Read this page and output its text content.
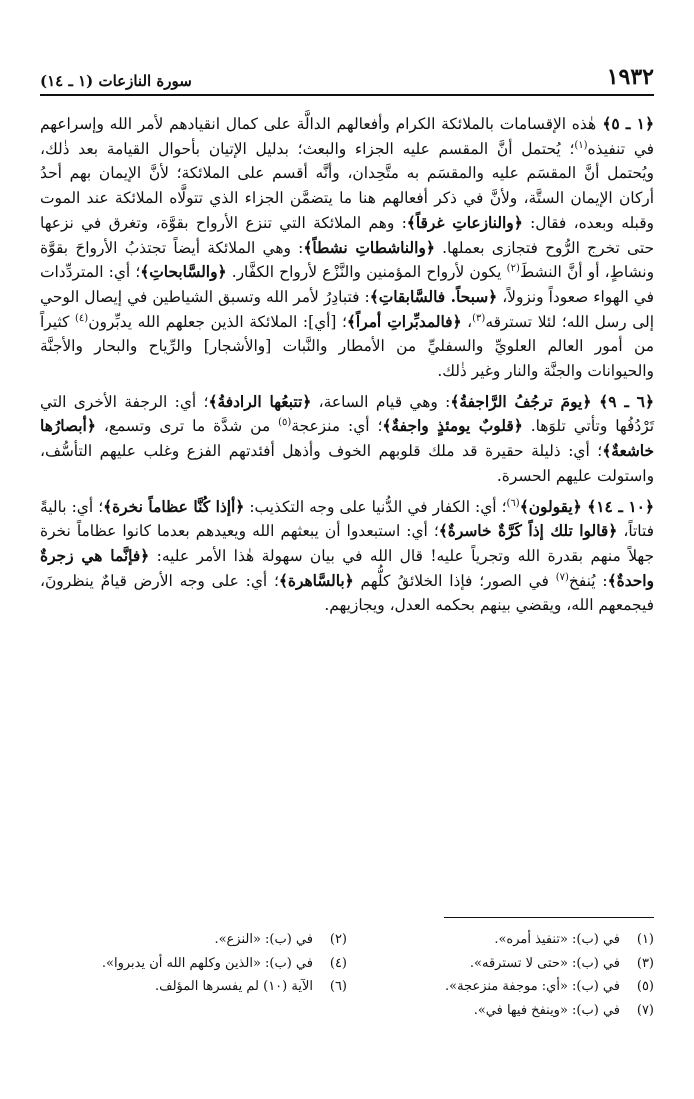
١٩٣٢
سورة النازعات (١ ـ ١٤)

﴿١ ـ ٥﴾ هٰذه الإقسامات بالملائكة الكرام وأفعالهم الدالَّة على كمال انقيادهم لأمر الله وإسراعهم في تنفيذه$^{(١)}$؛ يُحتمل أنَّ المقسم عليه الجزاء والبعث؛ بدليل الإتيان بأحوال القيامة بعد ذٰلك، ويُحتمل أنَّ المقسَم عليه والمقسَم به متَّحِدان، وأنَّه أقسم على الملائكة؛ لأنَّ الإيمان بهم أحدُ أركان الإيمان الستَّة، ولأنَّ في ذكر أفعالهم هنا ما يتضمَّن الجزاء الذي تتولَّاه الملائكة عند الموت وقبله وبعده، فقال: ﴿والنازعاتِ غرقاً﴾: وهم الملائكة التي تنزع الأرواح بقوَّة، وتغرق في نزعها حتى تخرج الرُّوح فتجازى بعملها. ﴿والناشطاتِ نشطاً﴾: وهي الملائكة أيضاً تجتذبُ الأرواحَ بقوَّة ونشاطٍ، أو أنَّ النشطَ$^{(٢)}$ يكون لأرواح المؤمنين والنَّزْع لأرواح الكفَّار. ﴿والسَّابحاتِ﴾؛ أي: المتردِّدات في الهواء صعوداً ونزولاً، ﴿سبحاً. فالسَّابقاتِ﴾: فتبادِرُ لأمر الله وتسبق الشياطين في إيصال الوحي إلى رسل الله؛ لئلا تسترقه$^{(٣)}$، ﴿فالمدبِّراتِ أمراً﴾؛ [أي]: الملائكة الذين جعلهم الله يدبِّرون$^{(٤)}$ كثيراً من أمور العالم العلويِّ والسفليِّ من الأمطار والنَّبات [والأشجار] والرِّياح والبحار والأجنَّة والحيوانات والجنَّة والنار وغير ذٰلك.

﴿٦ ـ ٩﴾ ﴿يومَ ترجُفُ الرَّاجفةُ﴾: وهي قيام الساعة، ﴿تتبعُها الرادفةُ﴾؛ أي: الرجفة الأخرى التي تَرْدُفُها وتأتي تلوَها. ﴿قلوبٌ يومئذٍ واجفةٌ﴾؛ أي: منزعجة$^{(٥)}$ من شدَّة ما ترى وتسمع، ﴿أبصارُها خاشعةٌ﴾؛ أي: ذليلة حقيرة قد ملك قلوبهم الخوف وأذهل أفئدتهم الفزع وغلب عليهم التأسُّف، واستولت عليهم الحسرة.

﴿١٠ ـ ١٤﴾ ﴿يقولون﴾$^{(٦)}$؛ أي: الكفار في الدُّنيا على وجه التكذيب: ﴿أإذا كُنَّا عظاماً نخرة﴾؛ أي: باليةً فتاتاً، ﴿قالوا تلك إذاً كَرَّةٌ خاسرةٌ﴾؛ أي: استبعدوا أن يبعثهم الله ويعيدهم بعدما كانوا عظاماً نخرة جهلاً منهم بقدرة الله وتجرياً عليه! قال الله في بيان سهولة هٰذا الأمر عليه: ﴿فإنَّما هي زجرةٌ واحدةٌ﴾: يُنفخ$^{(٧)}$ في الصور؛ فإذا الخلائقُ كلُّهم ﴿بالسَّاهرة﴾؛ أي: على وجه الأرض قيامٌ ينظرونَ، فيجمعهم الله، ويقضي بينهم بحكمه العدل، ويجازيهم.

(١)في (ب): «تنفيذ أمره».
(٢)في (ب): «النزع».
(٣)في (ب): «حتى لا تسترقه».
(٤)في (ب): «الذين وكلهم الله أن يدبروا».
(٥)في (ب): «أي: موجفة منزعجة».
(٦)الآية (١٠) لم يفسرها المؤلف.
(٧)في (ب): «وينفخ فيها في».
